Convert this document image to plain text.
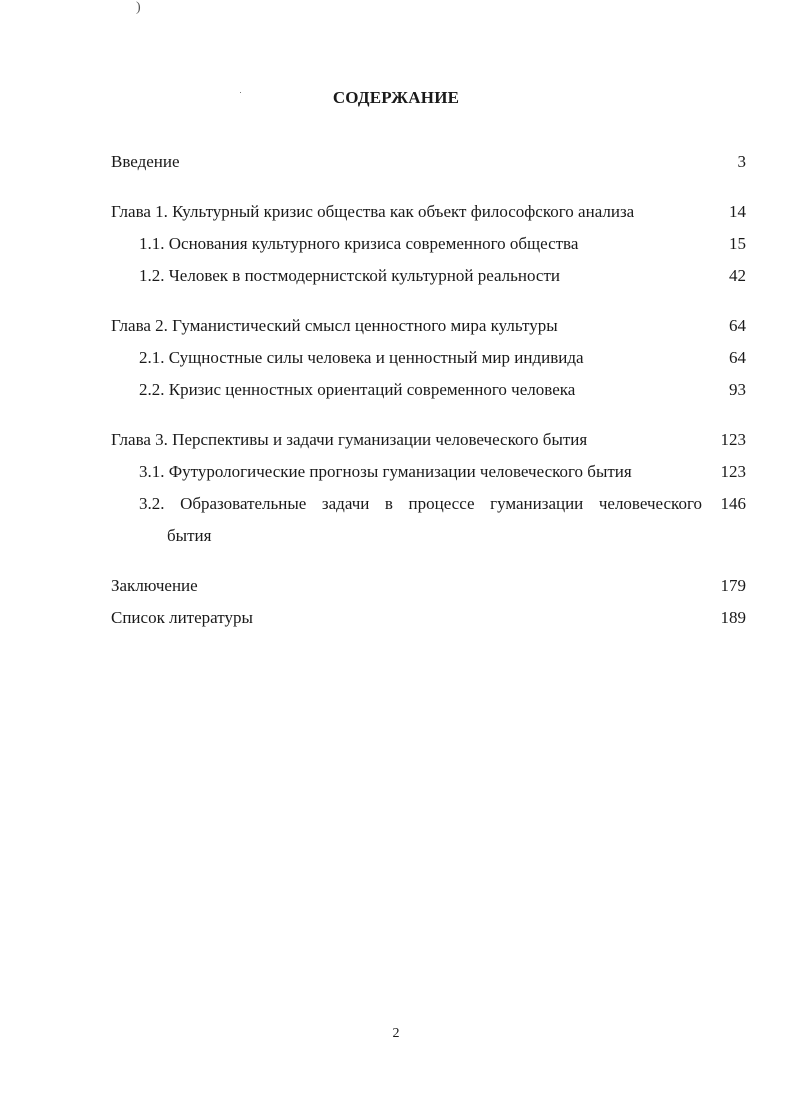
)
СОДЕРЖАНИЕ
Введение	3
Глава 1. Культурный кризис общества как объект философского анализа	14
1.1. Основания культурного кризиса современного общества	15
1.2. Человек в постмодернистской культурной реальности	42
Глава 2. Гуманистический смысл ценностного мира культуры	64
2.1. Сущностные силы человека и ценностный мир индивида	64
2.2. Кризис ценностных ориентаций современного человека	93
Глава 3. Перспективы и задачи гуманизации человеческого бытия	123
3.1. Футурологические прогнозы гуманизации человеческого бытия	123
3.2. Образовательные задачи в процессе гуманизации человеческого 146
бытия
Заключение	179
Список литературы	189
2
